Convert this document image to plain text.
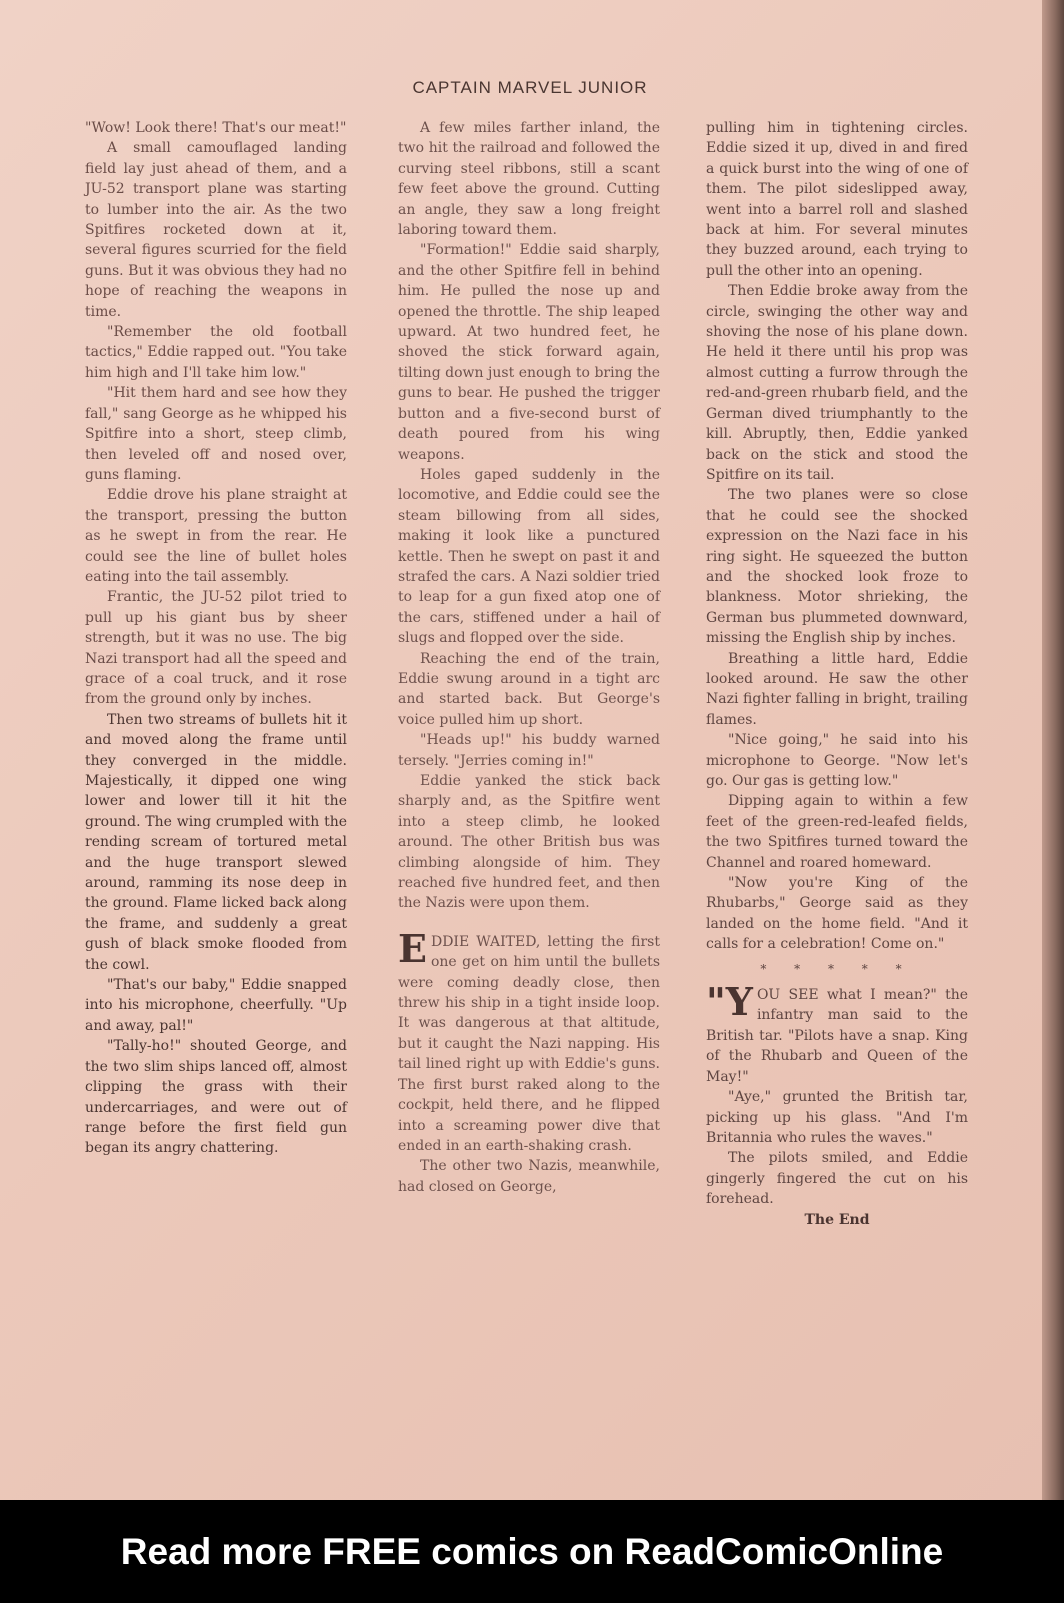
CAPTAIN MARVEL JUNIOR

"Wow! Look there! That's our meat!"

A small camouflaged landing field lay just ahead of them, and a JU-52 transport plane was starting to lumber into the air. As the two Spitfires rocketed down at it, several figures scurried for the field guns. But it was obvious they had no hope of reaching the weapons in time.

"Remember the old football tactics," Eddie rapped out. "You take him high and I'll take him low."

"Hit them hard and see how they fall," sang George as he whipped his Spitfire into a short, steep climb, then leveled off and nosed over, guns flaming.

Eddie drove his plane straight at the transport, pressing the button as he swept in from the rear. He could see the line of bullet holes eating into the tail assembly.

Frantic, the JU-52 pilot tried to pull up his giant bus by sheer strength, but it was no use. The big Nazi transport had all the speed and grace of a coal truck, and it rose from the ground only by inches.

Then two streams of bullets hit it and moved along the frame until they converged in the middle. Majestically, it dipped one wing lower and lower till it hit the ground. The wing crumpled with the rending scream of tortured metal and the huge transport slewed around, ramming its nose deep in the ground. Flame licked back along the frame, and suddenly a great gush of black smoke flooded from the cowl.

"That's our baby," Eddie snapped into his microphone, cheerfully. "Up and away, pal!"

"Tally-ho!" shouted George, and the two slim ships lanced off, almost clipping the grass with their undercarriages, and were out of range before the first field gun began its angry chattering.

A few miles farther inland, the two hit the railroad and followed the curving steel ribbons, still a scant few feet above the ground. Cutting an angle, they saw a long freight laboring toward them.

"Formation!" Eddie said sharply, and the other Spitfire fell in behind him. He pulled the nose up and opened the throttle. The ship leaped upward. At two hundred feet, he shoved the stick forward again, tilting down just enough to bring the guns to bear. He pushed the trigger button and a five-second burst of death poured from his wing weapons.

Holes gaped suddenly in the locomotive, and Eddie could see the steam billowing from all sides, making it look like a punctured kettle. Then he swept on past it and strafed the cars. A Nazi soldier tried to leap for a gun fixed atop one of the cars, stiffened under a hail of slugs and flopped over the side.

Reaching the end of the train, Eddie swung around in a tight arc and started back. But George's voice pulled him up short.

"Heads up!" his buddy warned tersely. "Jerries coming in!"

Eddie yanked the stick back sharply and, as the Spitfire went into a steep climb, he looked around. The other British bus was climbing alongside of him. They reached five hundred feet, and then the Nazis were upon them.

EDDIE WAITED, letting the first one get on him until the bullets were coming deadly close, then threw his ship in a tight inside loop. It was dangerous at that altitude, but it caught the Nazi napping. His tail lined right up with Eddie's guns. The first burst raked along to the cockpit, held there, and he flipped into a screaming power dive that ended in an earth-shaking crash.

The other two Nazis, meanwhile, had closed on George,

pulling him in tightening circles. Eddie sized it up, dived in and fired a quick burst into the wing of one of them. The pilot sideslipped away, went into a barrel roll and slashed back at him. For several minutes they buzzed around, each trying to pull the other into an opening.

Then Eddie broke away from the circle, swinging the other way and shoving the nose of his plane down. He held it there until his prop was almost cutting a furrow through the red-and-green rhubarb field, and the German dived triumphantly to the kill. Abruptly, then, Eddie yanked back on the stick and stood the Spitfire on its tail.

The two planes were so close that he could see the shocked expression on the Nazi face in his ring sight. He squeezed the button and the shocked look froze to blankness. Motor shrieking, the German bus plummeted downward, missing the English ship by inches.

Breathing a little hard, Eddie looked around. He saw the other Nazi fighter falling in bright, trailing flames.

"Nice going," he said into his microphone to George. "Now let's go. Our gas is getting low."

Dipping again to within a few feet of the green-red-leafed fields, the two Spitfires turned toward the Channel and roared homeward.

"Now you're King of the Rhubarbs," George said as they landed on the home field. "And it calls for a celebration! Come on."

* * * * *

"YOU SEE what I mean?" the infantry man said to the British tar. "Pilots have a snap. King of the Rhubarb and Queen of the May!"

"Aye," grunted the British tar, picking up his glass. "And I'm Britannia who rules the waves."

The pilots smiled, and Eddie gingerly fingered the cut on his forehead.

The End

Read more FREE comics on ReadComicOnline
